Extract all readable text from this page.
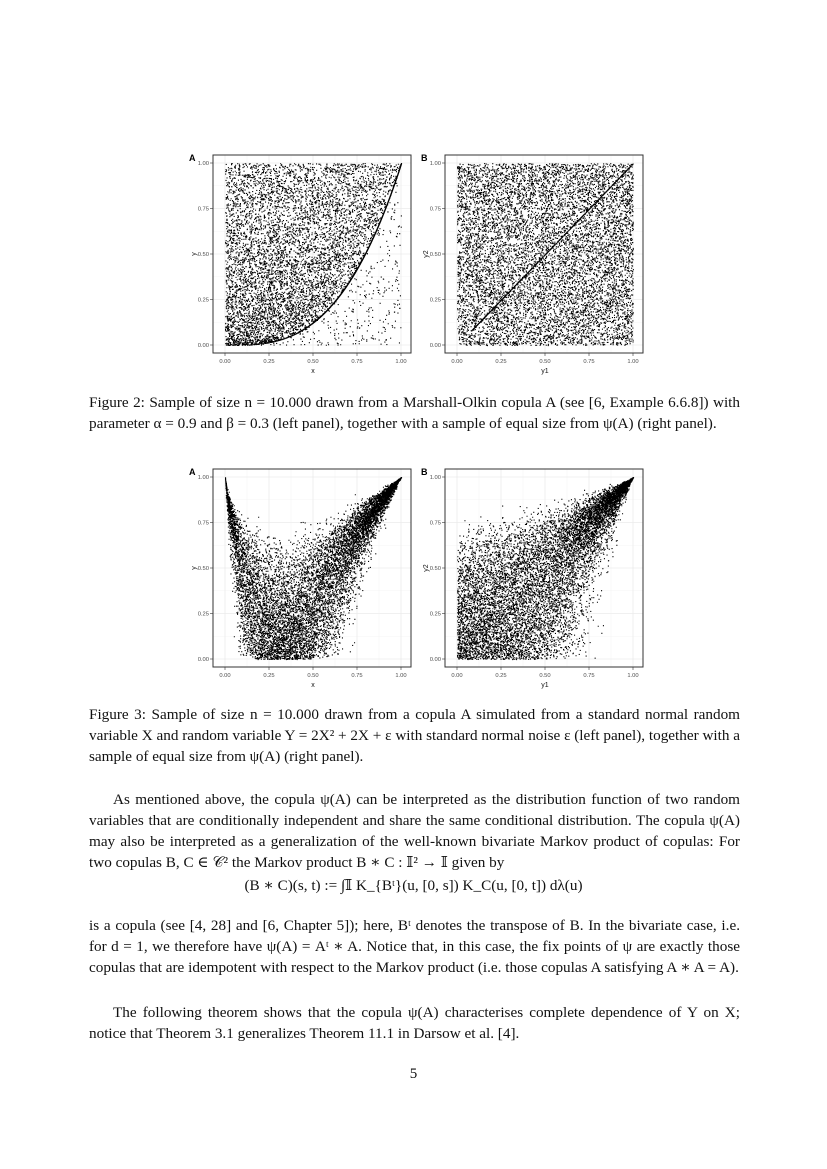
0.00
0.00
0.25
0.25
0.50
0.50
0.75
0.75
1.00
1.00
x
y
A
0.00
0.00
0.25
0.25
0.50
0.50
0.75
0.75
1.00
1.00
y1
y2
B
0.00
0.00
0.25
0.25
0.50
0.50
0.75
0.75
1.00
1.00
x
y
A
0.00
0.00
0.25
0.25
0.50
0.50
0.75
0.75
1.00
1.00
y1
y2
B
Figure 2: Sample of size n = 10.000 drawn from a Marshall-Olkin copula A (see [6, Example 6.6.8]) with parameter α = 0.9 and β = 0.3 (left panel), together with a sample of equal size from ψ(A) (right panel).
Figure 3: Sample of size n = 10.000 drawn from a copula A simulated from a standard normal random variable X and random variable Y = 2X² + 2X + ε with standard normal noise ε (left panel), together with a sample of equal size from ψ(A) (right panel).
As mentioned above, the copula ψ(A) can be interpreted as the distribution function of two random variables that are conditionally independent and share the same conditional distribution. The copula ψ(A) may also be interpreted as a generalization of the well-known bivariate Markov product of copulas: For two copulas B, C ∈ 𝒞² the Markov product B ∗ C : 𝕀² → 𝕀 given by
(B ∗ C)(s, t) := ∫𝕀 K_{Bᵗ}(u, [0, s]) K_C(u, [0, t]) dλ(u)
is a copula (see [4, 28] and [6, Chapter 5]); here, Bᵗ denotes the transpose of B. In the bivariate case, i.e. for d = 1, we therefore have ψ(A) = Aᵗ ∗ A. Notice that, in this case, the fix points of ψ are exactly those copulas that are idempotent with respect to the Markov product (i.e. those copulas A satisfying A ∗ A = A).
The following theorem shows that the copula ψ(A) characterises complete dependence of Y on X; notice that Theorem 3.1 generalizes Theorem 11.1 in Darsow et al. [4].
5
